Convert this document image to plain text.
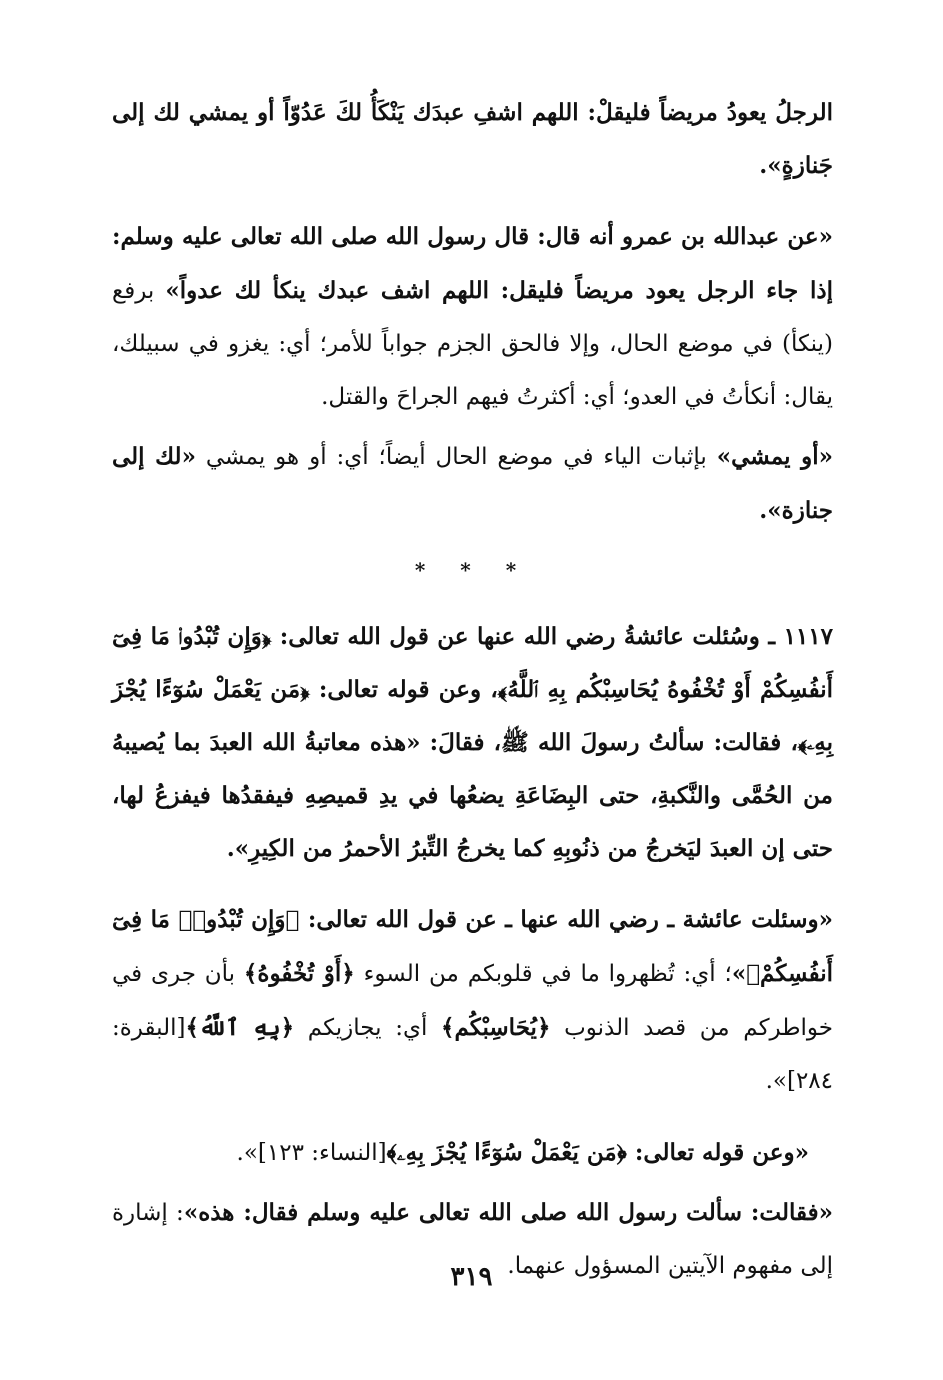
الرجلُ يعودُ مريضاً فليقلْ: اللهم اشفِ عبدَك يَنْكَأُ لكَ عَدُوّاً أو يمشي لك إلى جَنازةٍ».

«عن عبدالله بن عمرو أنه قال: قال رسول الله صلى الله تعالى عليه وسلم: إذا جاء الرجل يعود مريضاً فليقل: اللهم اشف عبدك ينكأ لك عدواً» برفع (ينكأ) في موضع الحال، وإلا فالحق الجزم جواباً للأمر؛ أي: يغزو في سبيلك، يقال: أنكأتُ في العدو؛ أي: أكثرتُ فيهم الجراحَ والقتل.

«أو يمشي» بإثبات الياء في موضع الحال أيضاً؛ أي: أو هو يمشي «لك إلى جنازة».

* * *

١١١٧ ـ وسُئلت عائشةُ رضي الله عنها عن قول الله تعالى: ﴿وَإِن تُبْدُوا۟ مَا فِىٓ أَنفُسِكُمْ أَوْ تُخْفُوهُ يُحَاسِبْكُم بِهِ ٱللَّهُ﴾، وعن قوله تعالى: ﴿مَن يَعْمَلْ سُوٓءًا يُجْزَ بِهِۦ﴾، فقالت: سألتُ رسولَ الله ﷺ، فقالَ: «هذه معاتبةُ الله العبدَ بما يُصيبهُ من الحُمَّى والنَّكبةِ، حتى البِضَاعَةِ يضعُها في يدِ قميصِهِ فيفقدُها فيفزعُ لها، حتى إن العبدَ ليَخرجُ من ذنُوبِهِ كما يخرجُ التِّبرُ الأحمرُ من الكِيرِ».

«وسئلت عائشة ـ رضي الله عنها ـ عن قول الله تعالى: ﴿وَإِن تُبْدُوا۟ مَا فِىٓ أَنفُسِكُمْ﴾»؛ أي: تُظهروا ما في قلوبكم من السوء ﴿أَوْ تُخْفُوهُ﴾ بأن جرى في خواطركم من قصد الذنوب ﴿يُحَاسِبْكُم﴾ أي: يجازيكم ﴿بِهِ ٱللَّهُ﴾[البقرة: ٢٨٤]».

«وعن قوله تعالى: ﴿مَن يَعْمَلْ سُوٓءًا يُجْزَ بِهِۦ﴾[النساء: ١٢٣]».

«فقالت: سألت رسول الله صلى الله تعالى عليه وسلم فقال: هذه»: إشارة إلى مفهوم الآيتين المسؤول عنهما.

٣١٩
